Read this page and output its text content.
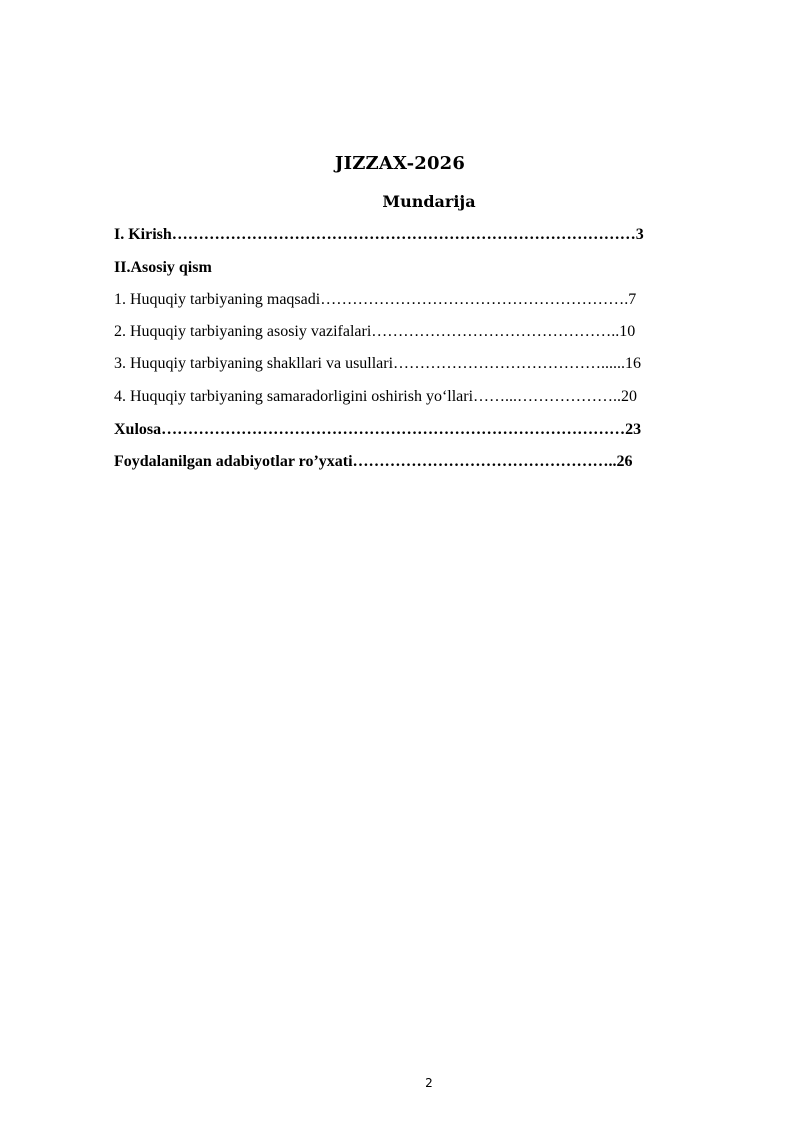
JIZZAX-2026
Mundarija
I. Kirish……………………………………………………………………………3
II.Asosiy qism
1. Huquqiy tarbiyaning maqsadi………………………………………………….7
2. Huquqiy tarbiyaning asosiy vazifalari………………………………………..10
3. Huquqiy tarbiyaning shakllari va usullari…………………………………......16
4. Huquqiy tarbiyaning samaradorligini oshirish yo‘llari……...………………..20
Xulosa……………………………………………………………………………23
Foydalanilgan adabiyotlar ro’yxati…………………………………………..26
2
